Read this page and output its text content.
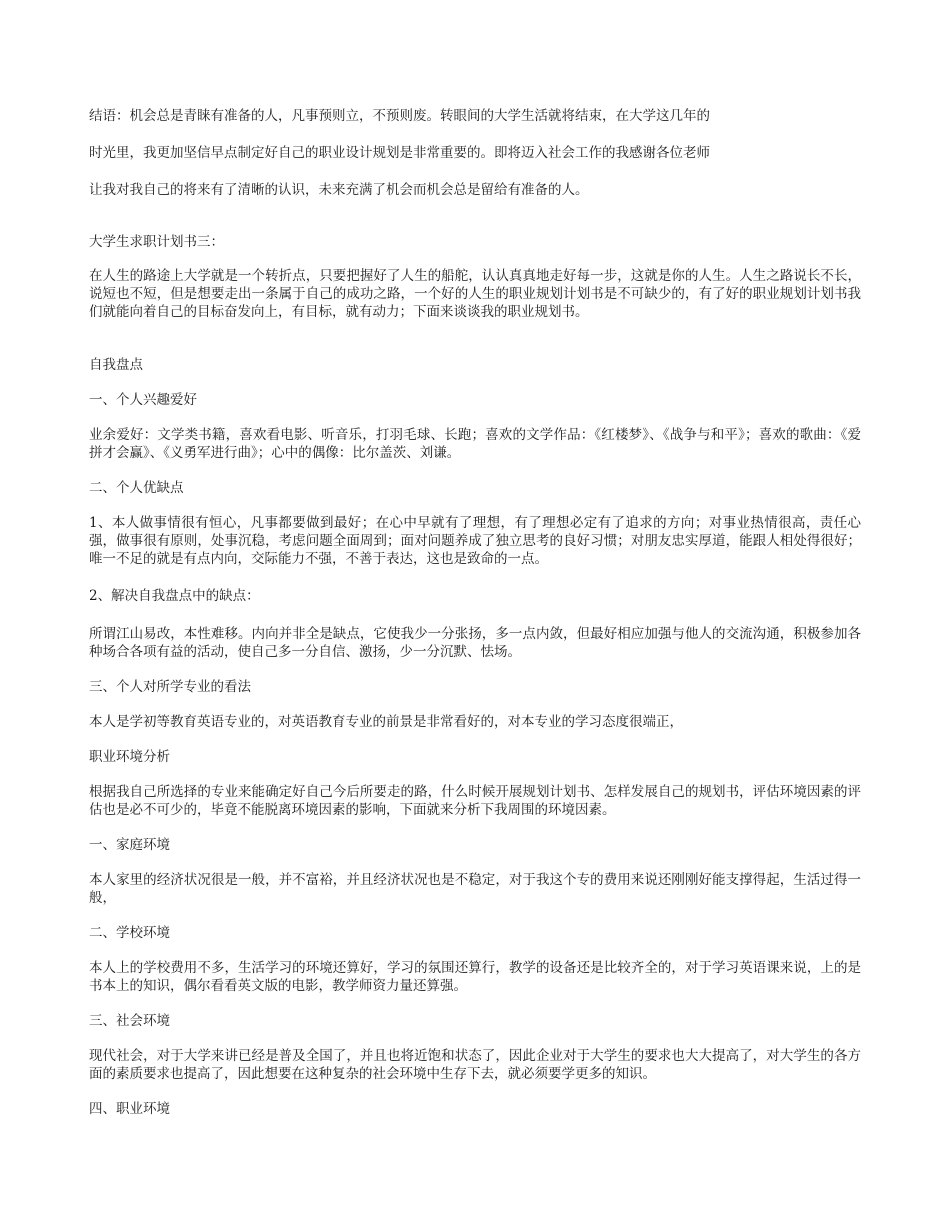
结语：机会总是青睐有准备的人，凡事预则立，不预则废。转眼间的大学生活就将结束，在大学这几年的
时光里，我更加坚信早点制定好自己的职业设计规划是非常重要的。即将迈入社会工作的我感谢各位老师
让我对我自己的将来有了清晰的认识，未来充满了机会而机会总是留给有准备的人。
大学生求职计划书三：
在人生的路途上大学就是一个转折点，只要把握好了人生的船舵，认认真真地走好每一步，这就是你的人生。人生之路说长不长，说短也不短，但是想要走出一条属于自己的成功之路，一个好的人生的职业规划计划书是不可缺少的，有了好的职业规划计划书我们就能向着自己的目标奋发向上，有目标，就有动力；下面来谈谈我的职业规划书。
自我盘点
一、个人兴趣爱好
业余爱好：文学类书籍，喜欢看电影、听音乐，打羽毛球、长跑；喜欢的文学作品：《红楼梦》、《战争与和平》；喜欢的歌曲：《爱拼才会赢》、《义勇军进行曲》；心中的偶像：比尔盖茨、刘谦。
二、个人优缺点
1、本人做事情很有恒心，凡事都要做到最好；在心中早就有了理想，有了理想必定有了追求的方向；对事业热情很高，责任心强，做事很有原则，处事沉稳，考虑问题全面周到；面对问题养成了独立思考的良好习惯；对朋友忠实厚道，能跟人相处得很好；唯一不足的就是有点内向，交际能力不强，不善于表达，这也是致命的一点。
2、解决自我盘点中的缺点：
所谓江山易改，本性难移。内向并非全是缺点，它使我少一分张扬，多一点内敛，但最好相应加强与他人的交流沟通，积极参加各种场合各项有益的活动，使自己多一分自信、激扬，少一分沉默、怯场。
三、个人对所学专业的看法
本人是学初等教育英语专业的，对英语教育专业的前景是非常看好的，对本专业的学习态度很端正，
职业环境分析
根据我自己所选择的专业来能确定好自己今后所要走的路，什么时候开展规划计划书、怎样发展自己的规划书，评估环境因素的评估也是必不可少的，毕竟不能脱离环境因素的影响，下面就来分析下我周围的环境因素。
一、家庭环境
本人家里的经济状况很是一般，并不富裕，并且经济状况也是不稳定，对于我这个专的费用来说还刚刚好能支撑得起，生活过得一般，
二、学校环境
本人上的学校费用不多，生活学习的环境还算好，学习的氛围还算行，教学的设备还是比较齐全的，对于学习英语课来说，上的是书本上的知识，偶尔看看英文版的电影，教学师资力量还算强。
三、社会环境
现代社会，对于大学来讲已经是普及全国了，并且也将近饱和状态了，因此企业对于大学生的要求也大大提高了，对大学生的各方面的素质要求也提高了，因此想要在这种复杂的社会环境中生存下去，就必须要学更多的知识。
四、职业环境
